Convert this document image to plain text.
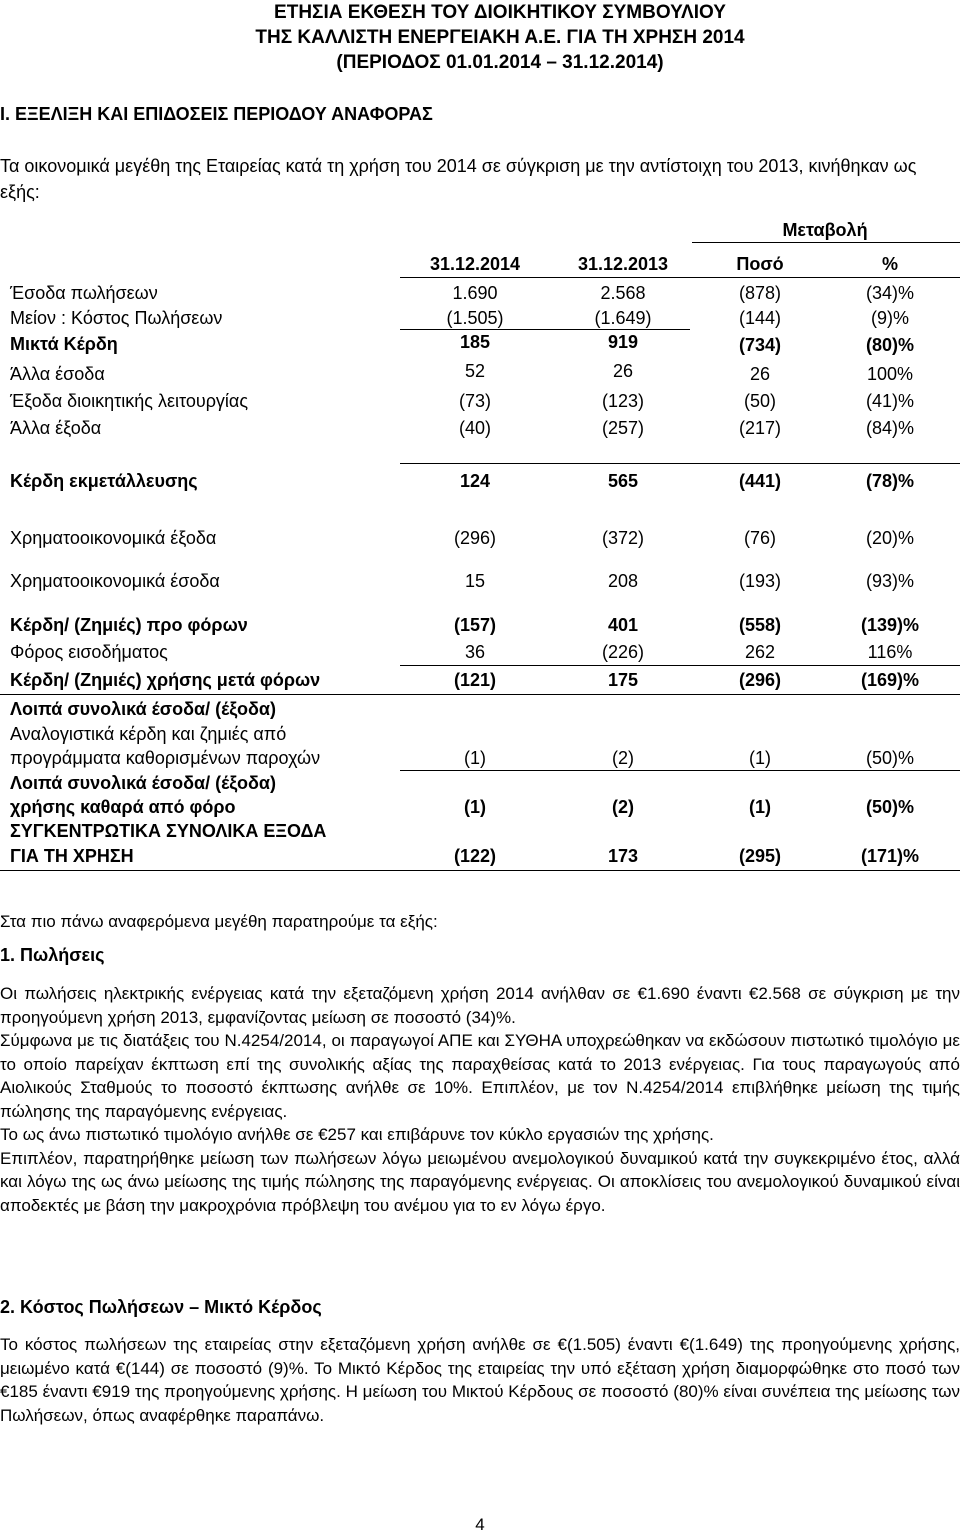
ΕΤΗΣΙΑ ΕΚΘΕΣΗ ΤΟΥ ΔΙΟΙΚΗΤΙΚΟΥ ΣΥΜΒΟΥΛΙΟΥ
ΤΗΣ ΚΑΛΛΙΣΤΗ ΕΝΕΡΓΕΙΑΚΗ Α.Ε. ΓΙΑ ΤΗ ΧΡΗΣΗ 2014
(ΠΕΡΙΟΔΟΣ 01.01.2014 – 31.12.2014)
Ι. ΕΞΕΛΙΞΗ ΚΑΙ ΕΠΙΔΟΣΕΙΣ ΠΕΡΙΟΔΟΥ ΑΝΑΦΟΡΑΣ

Τα οικονομικά μεγέθη της Εταιρείας κατά τη χρήση του 2014 σε σύγκριση με την αντίστοιχη του 2013, κινήθηκαν ως εξής:

Μεταβολή
31.12.2014	31.12.2013	Ποσό	%
Έσοδα πωλήσεων	1.690	2.568	(878)	(34)%
Μείον : Κόστος Πωλήσεων	(1.505)	(1.649)	(144)	(9)%
Μικτά Κέρδη	185	919	(734)	(80)%
Άλλα έσοδα	52	26	26	100%
Έξοδα διοικητικής λειτουργίας	(73)	(123)	(50)	(41)%
Άλλα έξοδα	(40)	(257)	(217)	(84)%
Κέρδη εκμετάλλευσης	124	565	(441)	(78)%
Χρηματοοικονομικά έξοδα	(296)	(372)	(76)	(20)%
Χρηματοοικονομικά έσοδα	15	208	(193)	(93)%
Κέρδη/ (Ζημιές) προ φόρων	(157)	401	(558)	(139)%
Φόρος εισοδήματος	36	(226)	262	116%
Κέρδη/ (Ζημιές) χρήσης μετά φόρων	(121)	175	(296)	(169)%
Λοιπά συνολικά έσοδα/ (έξοδα)
Αναλογιστικά κέρδη και ζημιές από
προγράμματα καθορισμένων παροχών	(1)	(2)	(1)	(50)%
Λοιπά συνολικά έσοδα/ (έξοδα)
χρήσης καθαρά από φόρο	(1)	(2)	(1)	(50)%
ΣΥΓΚΕΝΤΡΩΤΙΚΑ ΣΥΝΟΛΙΚΑ ΕΞΟΔΑ
ΓΙΑ ΤΗ ΧΡΗΣΗ	(122)	173	(295)	(171)%

Στα πιο πάνω αναφερόμενα μεγέθη παρατηρούμε τα εξής:

1. Πωλήσεις

Οι πωλήσεις ηλεκτρικής ενέργειας κατά την εξεταζόμενη χρήση 2014 ανήλθαν σε €1.690 έναντι €2.568 σε σύγκριση με την προηγούμενη χρήση 2013, εμφανίζοντας μείωση σε ποσοστό (34)%.

Σύμφωνα με τις διατάξεις του Ν.4254/2014, οι παραγωγοί ΑΠΕ και ΣΥΘΗΑ υποχρεώθηκαν να εκδώσουν πιστωτικό τιμολόγιο με το οποίο παρείχαν έκπτωση επί της συνολικής αξίας της παραχθείσας κατά το 2013 ενέργειας. Για τους παραγωγούς από Αιολικούς Σταθμούς το ποσοστό έκπτωσης ανήλθε σε 10%. Επιπλέον, με τον Ν.4254/2014 επιβλήθηκε μείωση της τιμής πώλησης της παραγόμενης ενέργειας.

Το ως άνω πιστωτικό τιμολόγιο ανήλθε σε €257 και επιβάρυνε τον κύκλο εργασιών της χρήσης.

Επιπλέον, παρατηρήθηκε μείωση των πωλήσεων λόγω μειωμένου ανεμολογικού δυναμικού κατά την συγκεκριμένο έτος, αλλά και λόγω της ως άνω μείωσης της τιμής πώλησης της παραγόμενης ενέργειας. Οι αποκλίσεις του ανεμολογικού δυναμικού είναι αποδεκτές με βάση την μακροχρόνια πρόβλεψη του ανέμου για το εν λόγω έργο.

2. Κόστος Πωλήσεων – Μικτό Κέρδος

Το κόστος πωλήσεων της εταιρείας στην εξεταζόμενη χρήση ανήλθε σε €(1.505) έναντι €(1.649) της προηγούμενης χρήσης, μειωμένο κατά €(144) σε ποσοστό (9)%. Το Μικτό Κέρδος της εταιρείας την υπό εξέταση χρήση διαμορφώθηκε στο ποσό των €185 έναντι €919 της προηγούμενης χρήσης. Η μείωση του Μικτού Κέρδους σε ποσοστό (80)% είναι συνέπεια της μείωσης των Πωλήσεων, όπως αναφέρθηκε παραπάνω.

4
